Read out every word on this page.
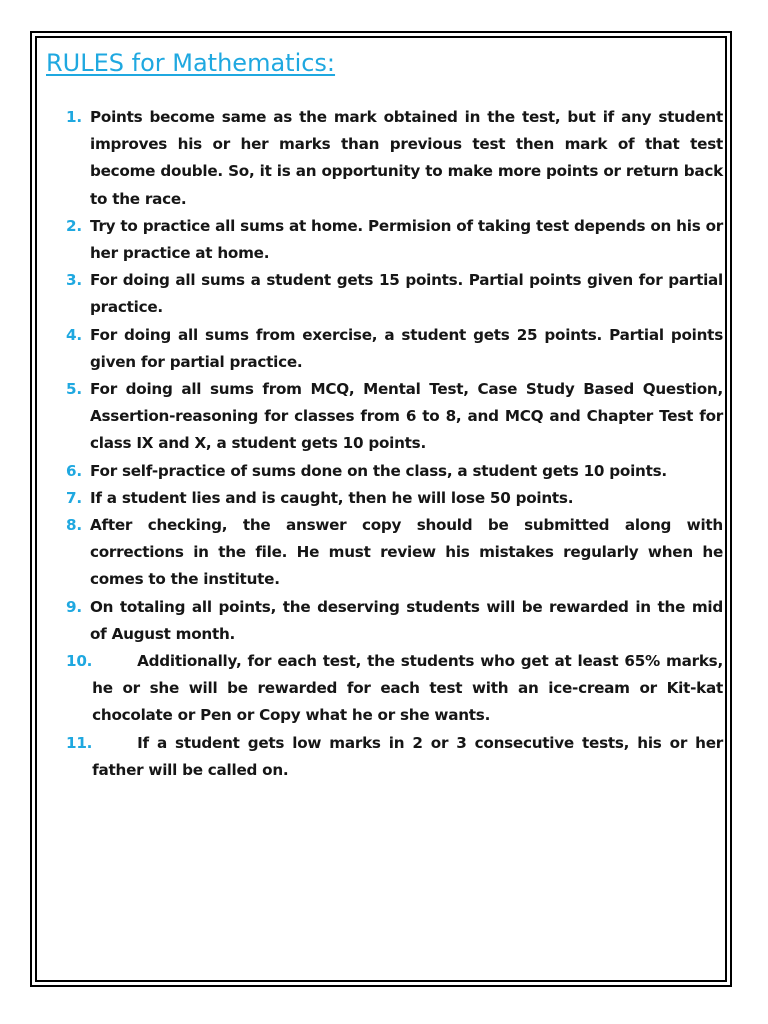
RULES for Mathematics:
1. Points become same as the mark obtained in the test, but if any student improves his or her marks than previous test then mark of that test become double. So, it is an opportunity to make more points or return back to the race.
2. Try to practice all sums at home. Permision of taking test depends on his or her practice at home.
3. For doing all sums a student gets 15 points. Partial points given for partial practice.
4. For doing all sums from exercise, a student gets 25 points. Partial points given for partial practice.
5. For doing all sums from MCQ, Mental Test, Case Study Based Question, Assertion-reasoning for classes from 6 to 8, and MCQ and Chapter Test for class IX and X, a student gets 10 points.
6. For self-practice of sums done on the class, a student gets 10 points.
7. If a student lies and is caught, then he will lose 50 points.
8. After checking, the answer copy should be submitted along with corrections in the file. He must review his mistakes regularly when he comes to the institute.
9. On totaling all points, the deserving students will be rewarded in the mid of August month.
10.	Additionally, for each test, the students who get at least 65% marks, he or she will be rewarded for each test with an ice-cream or Kit-kat chocolate or Pen or Copy what he or she wants.
11.	If a student gets low marks in 2 or 3 consecutive tests, his or her father will be called on.
